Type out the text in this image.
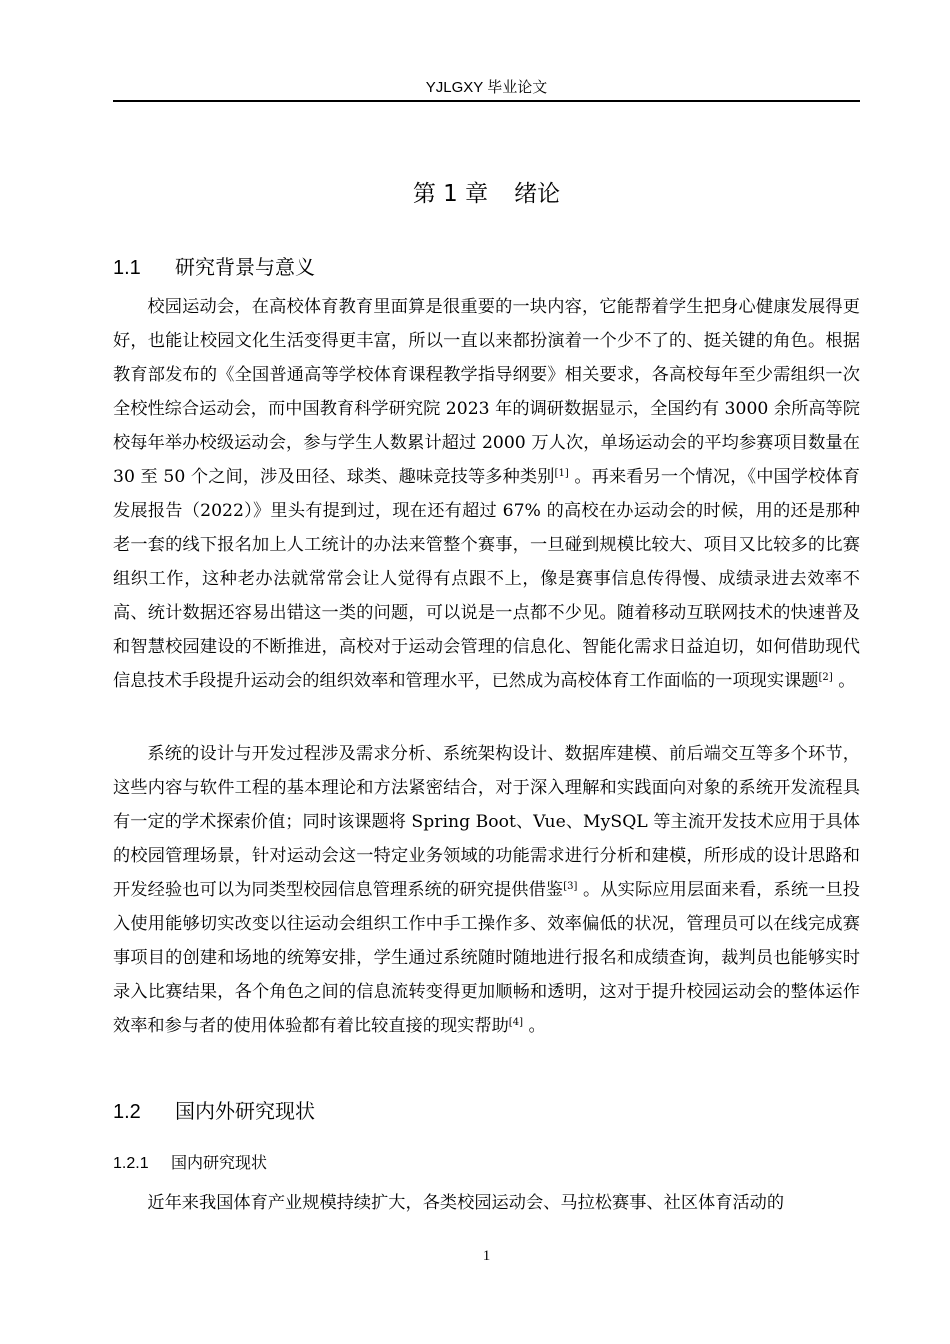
YJLGXY 毕业论文
第 1 章 绪论
1.1 研究背景与意义

校园运动会，在高校体育教育里面算是很重要的一块内容，它能帮着学生把身心健康发展得更好，也能让校园文化生活变得更丰富，所以一直以来都扮演着一个少不了的、挺关键的角色。根据教育部发布的《全国普通高等学校体育课程教学指导纲要》相关要求，各高校每年至少需组织一次全校性综合运动会，而中国教育科学研究院 2023 年的调研数据显示，全国约有 3000 余所高等院校每年举办校级运动会，参与学生人数累计超过 2000 万人次，单场运动会的平均参赛项目数量在 30 至 50 个之间，涉及田径、球类、趣味竞技等多种类别[1] 。再来看另一个情况，《中国学校体育发展报告（2022）》里头有提到过，现在还有超过 67% 的高校在办运动会的时候，用的还是那种老一套的线下报名加上人工统计的办法来管整个赛事，一旦碰到规模比较大、项目又比较多的比赛组织工作，这种老办法就常常会让人觉得有点跟不上，像是赛事信息传得慢、成绩录进去效率不高、统计数据还容易出错这一类的问题，可以说是一点都不少见。随着移动互联网技术的快速普及和智慧校园建设的不断推进，高校对于运动会管理的信息化、智能化需求日益迫切，如何借助现代信息技术手段提升运动会的组织效率和管理水平，已然成为高校体育工作面临的一项现实课题[2] 。

系统的设计与开发过程涉及需求分析、系统架构设计、数据库建模、前后端交互等多个环节，这些内容与软件工程的基本理论和方法紧密结合，对于深入理解和实践面向对象的系统开发流程具有一定的学术探索价值；同时该课题将 Spring Boot、Vue、MySQL 等主流开发技术应用于具体的校园管理场景，针对运动会这一特定业务领域的功能需求进行分析和建模，所形成的设计思路和开发经验也可以为同类型校园信息管理系统的研究提供借鉴[3] 。从实际应用层面来看，系统一旦投入使用能够切实改变以往运动会组织工作中手工操作多、效率偏低的状况，管理员可以在线完成赛事项目的创建和场地的统筹安排，学生通过系统随时随地进行报名和成绩查询，裁判员也能够实时录入比赛结果，各个角色之间的信息流转变得更加顺畅和透明，这对于提升校园运动会的整体运作效率和参与者的使用体验都有着比较直接的现实帮助[4] 。

1.2 国内外研究现状
1.2.1 国内研究现状

近年来我国体育产业规模持续扩大，各类校园运动会、马拉松赛事、社区体育活动的

1
